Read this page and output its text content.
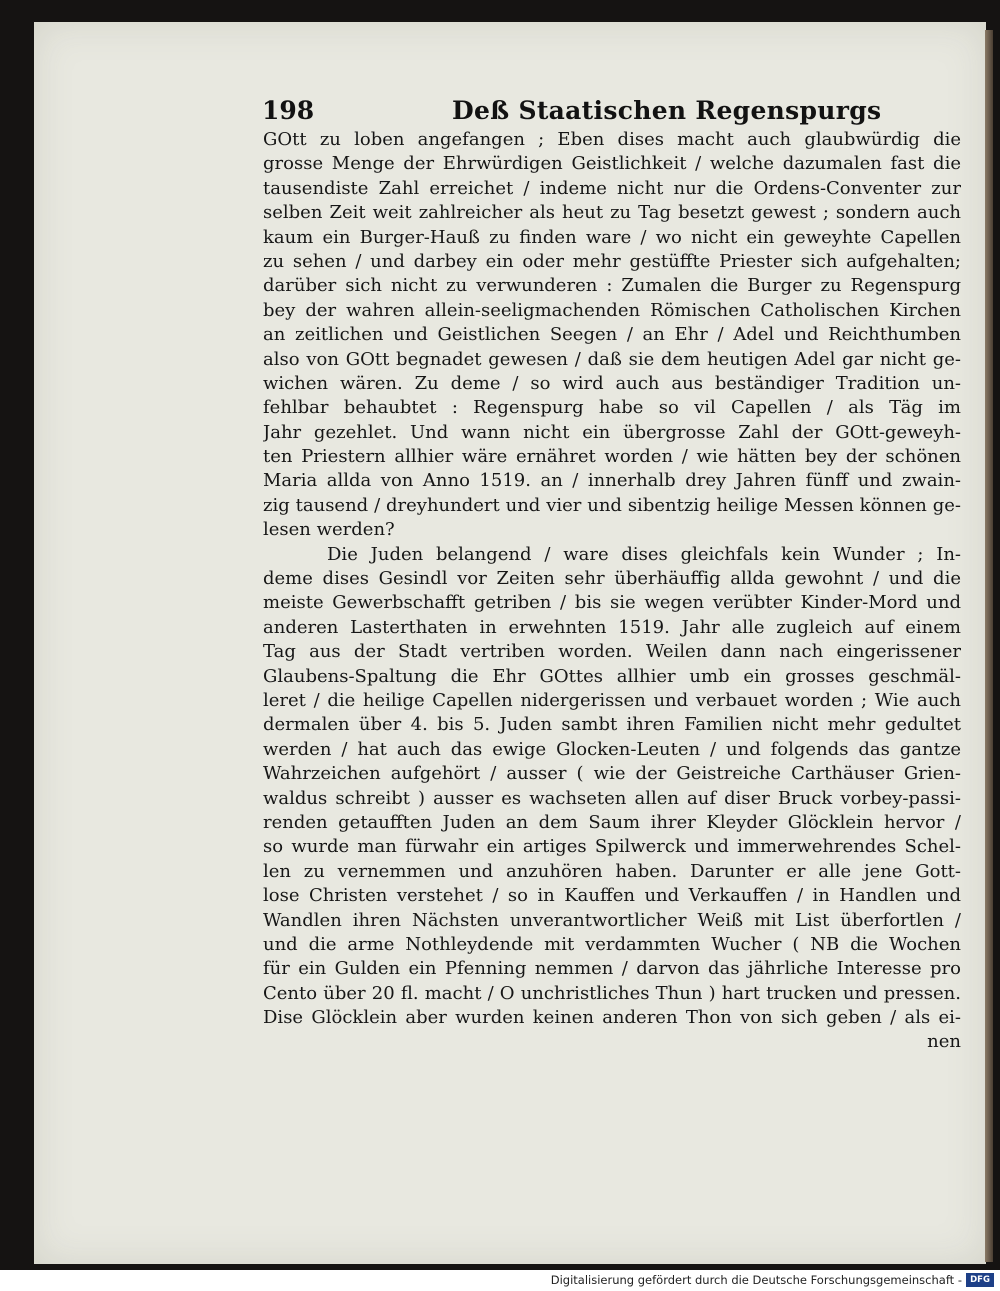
198	Deß Staatischen Regenspurgs
GOtt zu loben angefangen ; Eben dises macht auch glaubwürdig die
grosse Menge der Ehrwürdigen Geistlichkeit / welche dazumalen fast die
tausendiste Zahl erreichet / indeme nicht nur die Ordens-Conventer zur
selben Zeit weit zahlreicher als heut zu Tag besetzt gewest ; sondern auch
kaum ein Burger-Hauß zu finden ware / wo nicht ein geweyhte Capellen
zu sehen / und darbey ein oder mehr gestüffte Priester sich aufgehalten;
darüber sich nicht zu verwunderen : Zumalen die Burger zu Regenspurg
bey der wahren allein-seeligmachenden Römischen Catholischen Kirchen
an zeitlichen und Geistlichen Seegen / an Ehr / Adel und Reichthumben
also von GOtt begnadet gewesen / daß sie dem heutigen Adel gar nicht ge-
wichen wären. Zu deme / so wird auch aus beständiger Tradition un-
fehlbar behaubtet : Regenspurg habe so vil Capellen / als Täg im
Jahr gezehlet. Und wann nicht ein übergrosse Zahl der GOtt-geweyh-
ten Priestern allhier wäre ernähret worden / wie hätten bey der schönen
Maria allda von Anno 1519. an / innerhalb drey Jahren fünff und zwain-
zig tausend / dreyhundert und vier und sibentzig heilige Messen können ge-
lesen werden?
Die Juden belangend / ware dises gleichfals kein Wunder ; In-
deme dises Gesindl vor Zeiten sehr überhäuffig allda gewohnt / und die
meiste Gewerbschafft getriben / bis sie wegen verübter Kinder-Mord und
anderen Lasterthaten in erwehnten 1519. Jahr alle zugleich auf einem
Tag aus der Stadt vertriben worden. Weilen dann nach eingerissener
Glaubens-Spaltung die Ehr GOttes allhier umb ein grosses geschmäl-
leret / die heilige Capellen nidergerissen und verbauet worden ; Wie auch
dermalen über 4. bis 5. Juden sambt ihren Familien nicht mehr gedultet
werden / hat auch das ewige Glocken-Leuten / und folgends das gantze
Wahrzeichen aufgehört / ausser ( wie der Geistreiche Carthäuser Grien-
waldus schreibt ) ausser es wachseten allen auf diser Bruck vorbey-passi-
renden getaufften Juden an dem Saum ihrer Kleyder Glöcklein hervor /
so wurde man fürwahr ein artiges Spilwerck und immerwehrendes Schel-
len zu vernemmen und anzuhören haben. Darunter er alle jene Gott-
lose Christen verstehet / so in Kauffen und Verkauffen / in Handlen und
Wandlen ihren Nächsten unverantwortlicher Weiß mit List überfortlen /
und die arme Nothleydende mit verdammten Wucher ( NB die Wochen
für ein Gulden ein Pfenning nemmen / darvon das jährliche Interesse pro
Cento über 20 fl. macht / O unchristliches Thun ) hart trucken und pressen.
Dise Glöcklein aber wurden keinen anderen Thon von sich geben / als ei-
nen
Digitalisierung gefördert durch die Deutsche Forschungsgemeinschaft - DFG
